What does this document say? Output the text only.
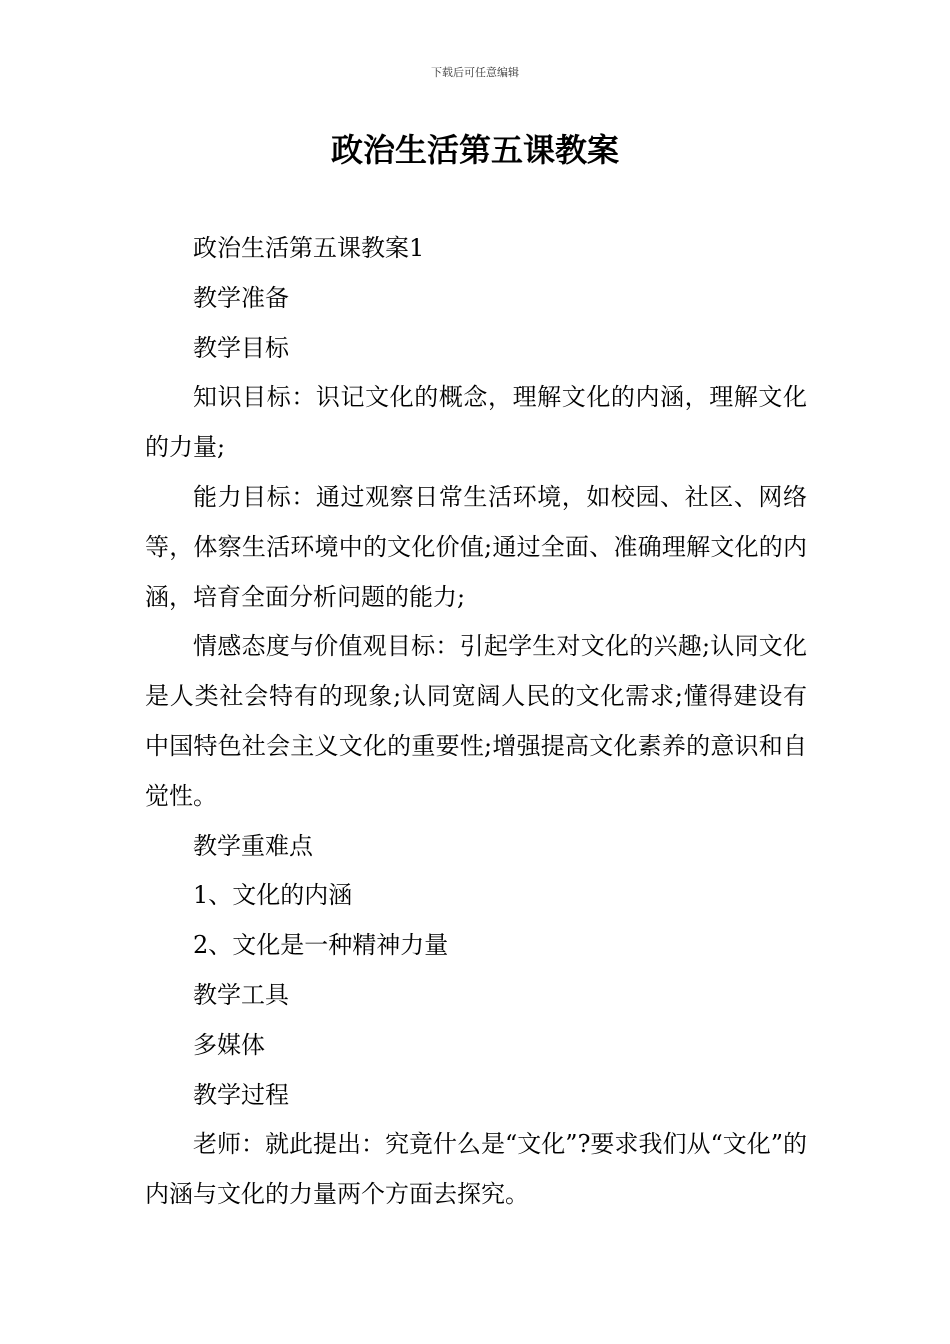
下载后可任意编辑
政治生活第五课教案

政治生活第五课教案1

教学准备

教学目标

知识目标：识记文化的概念，理解文化的内涵，理解文化的力量;

能力目标：通过观察日常生活环境，如校园、社区、网络等，体察生活环境中的文化价值;通过全面、准确理解文化的内涵，培育全面分析问题的能力;

情感态度与价值观目标：引起学生对文化的兴趣;认同文化是人类社会特有的现象;认同宽阔人民的文化需求;懂得建设有中国特色社会主义文化的重要性;增强提高文化素养的意识和自觉性。

教学重难点

1、文化的内涵

2、文化是一种精神力量

教学工具

多媒体

教学过程

老师：就此提出：究竟什么是“文化”?要求我们从“文化”的内涵与文化的力量两个方面去探究。
